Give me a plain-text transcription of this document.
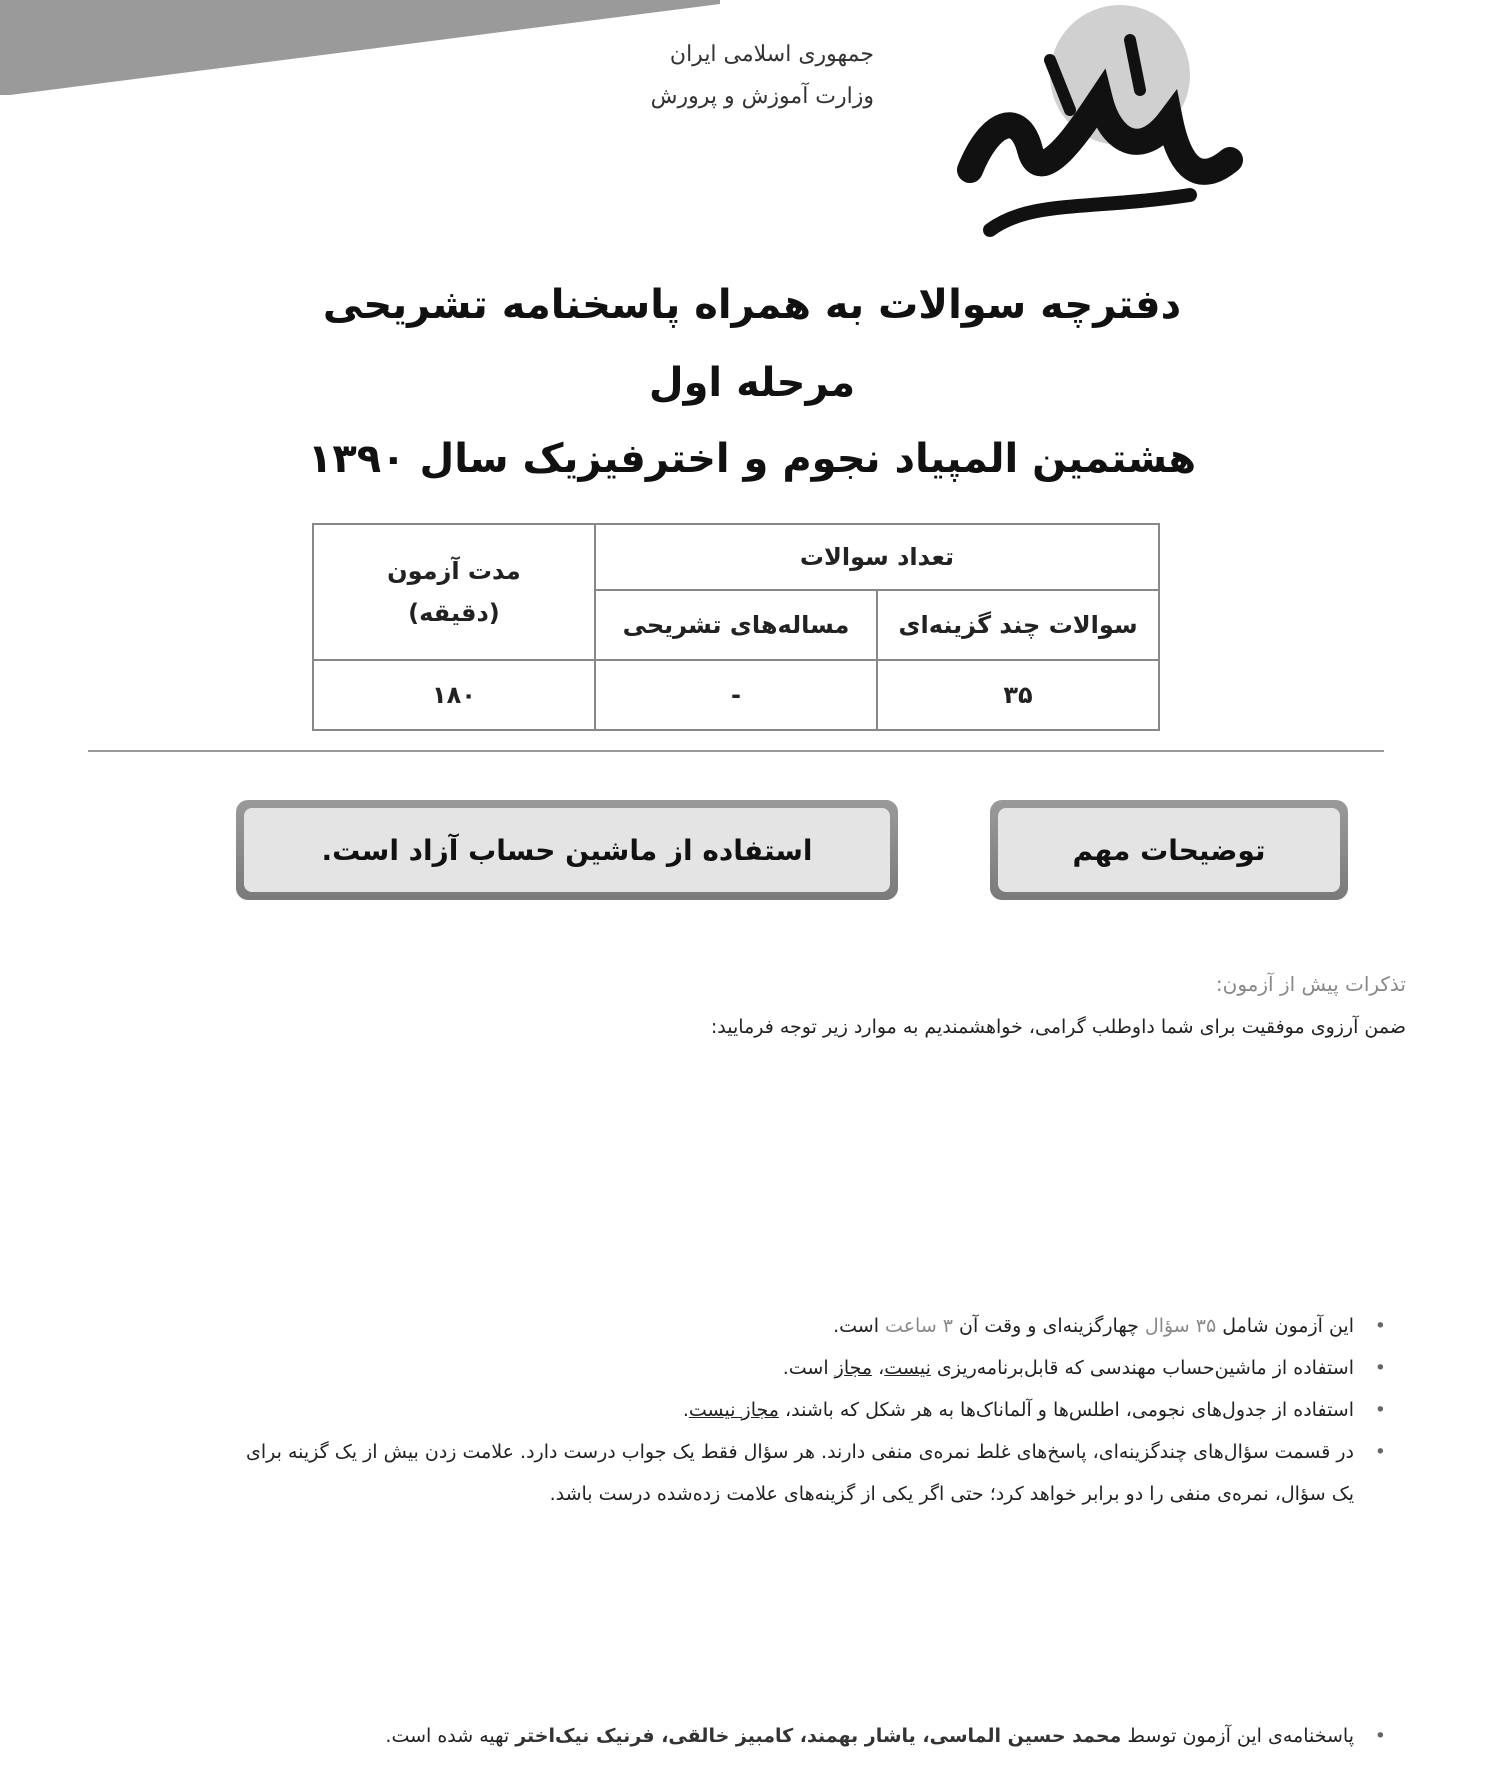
جمهوری اسلامی ایران
وزارت آموزش و پرورش
دفترچه سوالات به همراه پاسخنامه تشریحی
مرحله اول
هشتمین المپیاد نجوم و اخترفیزیک سال ۱۳۹۰
تعداد سوالات		مدت آزمون
(دقیقه)

سوالات چند گزینه‌ای	مساله‌های تشریحی	
۳۵	-	۱۸۰
توضیحات مهم
استفاده از ماشین حساب آزاد است.
تذکرات پیش از آزمون:
ضمن آرزوی موفقیت برای شما داوطلب گرامی، خواهشمندیم به موارد زیر توجه فرمایید:
•
این آزمون شامل ۳۵ سؤال چهارگزینه‌ای و وقت آن ۳ ساعت است.
•
استفاده از ماشین‌حساب مهندسی که قابل‌برنامه‌ریزی نیست، مجاز است.
•
استفاده از جدول‌های نجومی، اطلس‌ها و آلماناک‌ها به هر شکل که باشند، مجاز نیست.
•
در قسمت سؤال‌های چندگزینه‌ای، پاسخ‌های غلط نمره‌ی منفی دارند. هر سؤال فقط یک جواب درست دارد. علامت زدن بیش از یک گزینه برای یک سؤال، نمره‌ی منفی را دو برابر خواهد کرد؛ حتی اگر یکی از گزینه‌های علامت زده‌شده درست باشد.
•
پاسخنامه‌ی این آزمون توسط محمد حسین الماسی، یاشار بهمند، کامبیز خالقی، فرنیک نیک‌اختر تهیه شده است.
